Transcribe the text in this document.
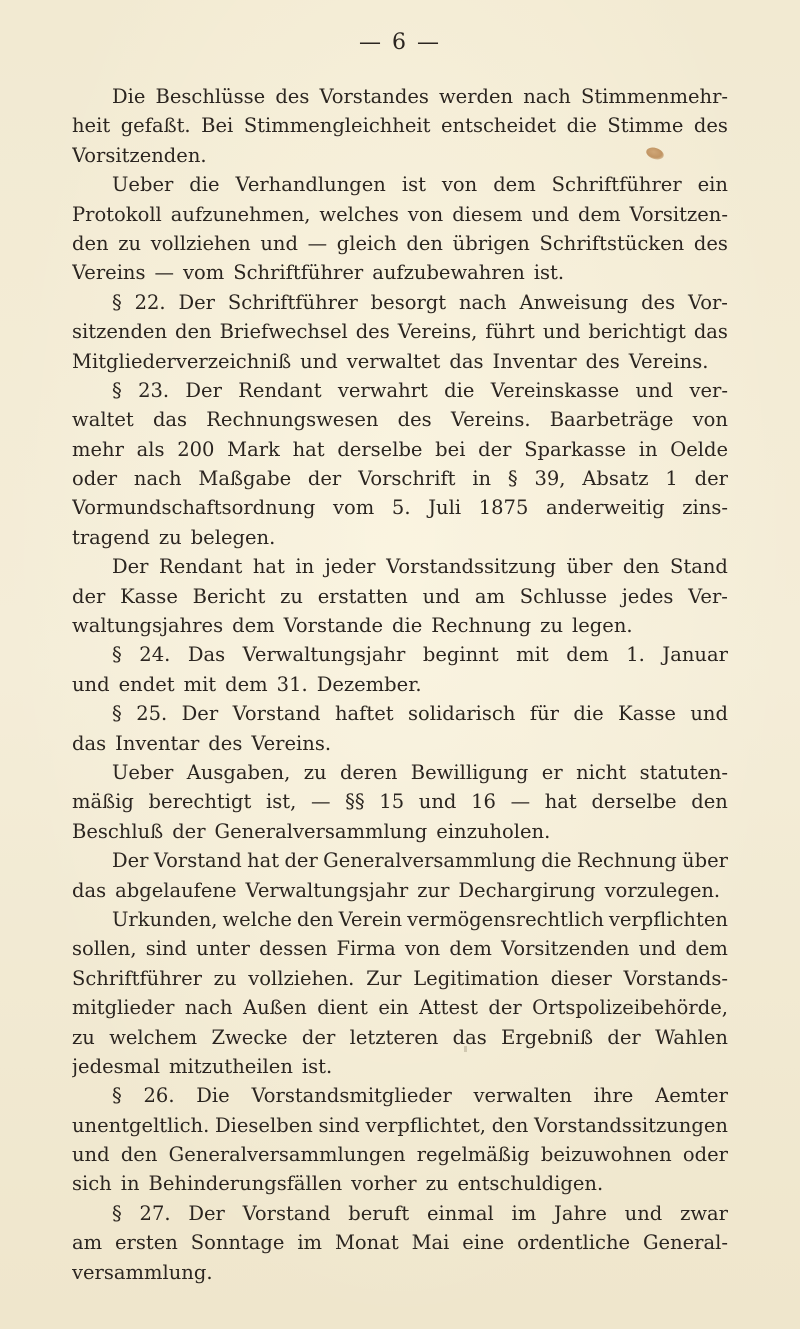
— 6 —
Die Beschlüsse des Vorstandes werden nach Stimmenmehr-
heit gefaßt. Bei Stimmengleichheit entscheidet die Stimme des
Vorsitzenden.
Ueber die Verhandlungen ist von dem Schriftführer ein
Protokoll aufzunehmen, welches von diesem und dem Vorsitzen-
den zu vollziehen und — gleich den übrigen Schriftstücken des
Vereins — vom Schriftführer aufzubewahren ist.
§ 22. Der Schriftführer besorgt nach Anweisung des Vor-
sitzenden den Briefwechsel des Vereins, führt und berichtigt das
Mitgliederverzeichniß und verwaltet das Inventar des Vereins.
§ 23. Der Rendant verwahrt die Vereinskasse und ver-
waltet das Rechnungswesen des Vereins. Baarbeträge von
mehr als 200 Mark hat derselbe bei der Sparkasse in Oelde
oder nach Maßgabe der Vorschrift in § 39, Absatz 1 der
Vormundschaftsordnung vom 5. Juli 1875 anderweitig zins-
tragend zu belegen.
Der Rendant hat in jeder Vorstandssitzung über den Stand
der Kasse Bericht zu erstatten und am Schlusse jedes Ver-
waltungsjahres dem Vorstande die Rechnung zu legen.
§ 24. Das Verwaltungsjahr beginnt mit dem 1. Januar
und endet mit dem 31. Dezember.
§ 25. Der Vorstand haftet solidarisch für die Kasse und
das Inventar des Vereins.
Ueber Ausgaben, zu deren Bewilligung er nicht statuten-
mäßig berechtigt ist, — §§ 15 und 16 — hat derselbe den
Beschluß der Generalversammlung einzuholen.
Der Vorstand hat der Generalversammlung die Rechnung über
das abgelaufene Verwaltungsjahr zur Dechargirung vorzulegen.
Urkunden, welche den Verein vermögensrechtlich verpflichten
sollen, sind unter dessen Firma von dem Vorsitzenden und dem
Schriftführer zu vollziehen. Zur Legitimation dieser Vorstands-
mitglieder nach Außen dient ein Attest der Ortspolizeibehörde,
zu welchem Zwecke der letzteren das Ergebniß der Wahlen
jedesmal mitzutheilen ist.
§ 26. Die Vorstandsmitglieder verwalten ihre Aemter
unentgeltlich. Dieselben sind verpflichtet, den Vorstandssitzungen
und den Generalversammlungen regelmäßig beizuwohnen oder
sich in Behinderungsfällen vorher zu entschuldigen.
§ 27. Der Vorstand beruft einmal im Jahre und zwar
am ersten Sonntage im Monat Mai eine ordentliche General-
versammlung.
